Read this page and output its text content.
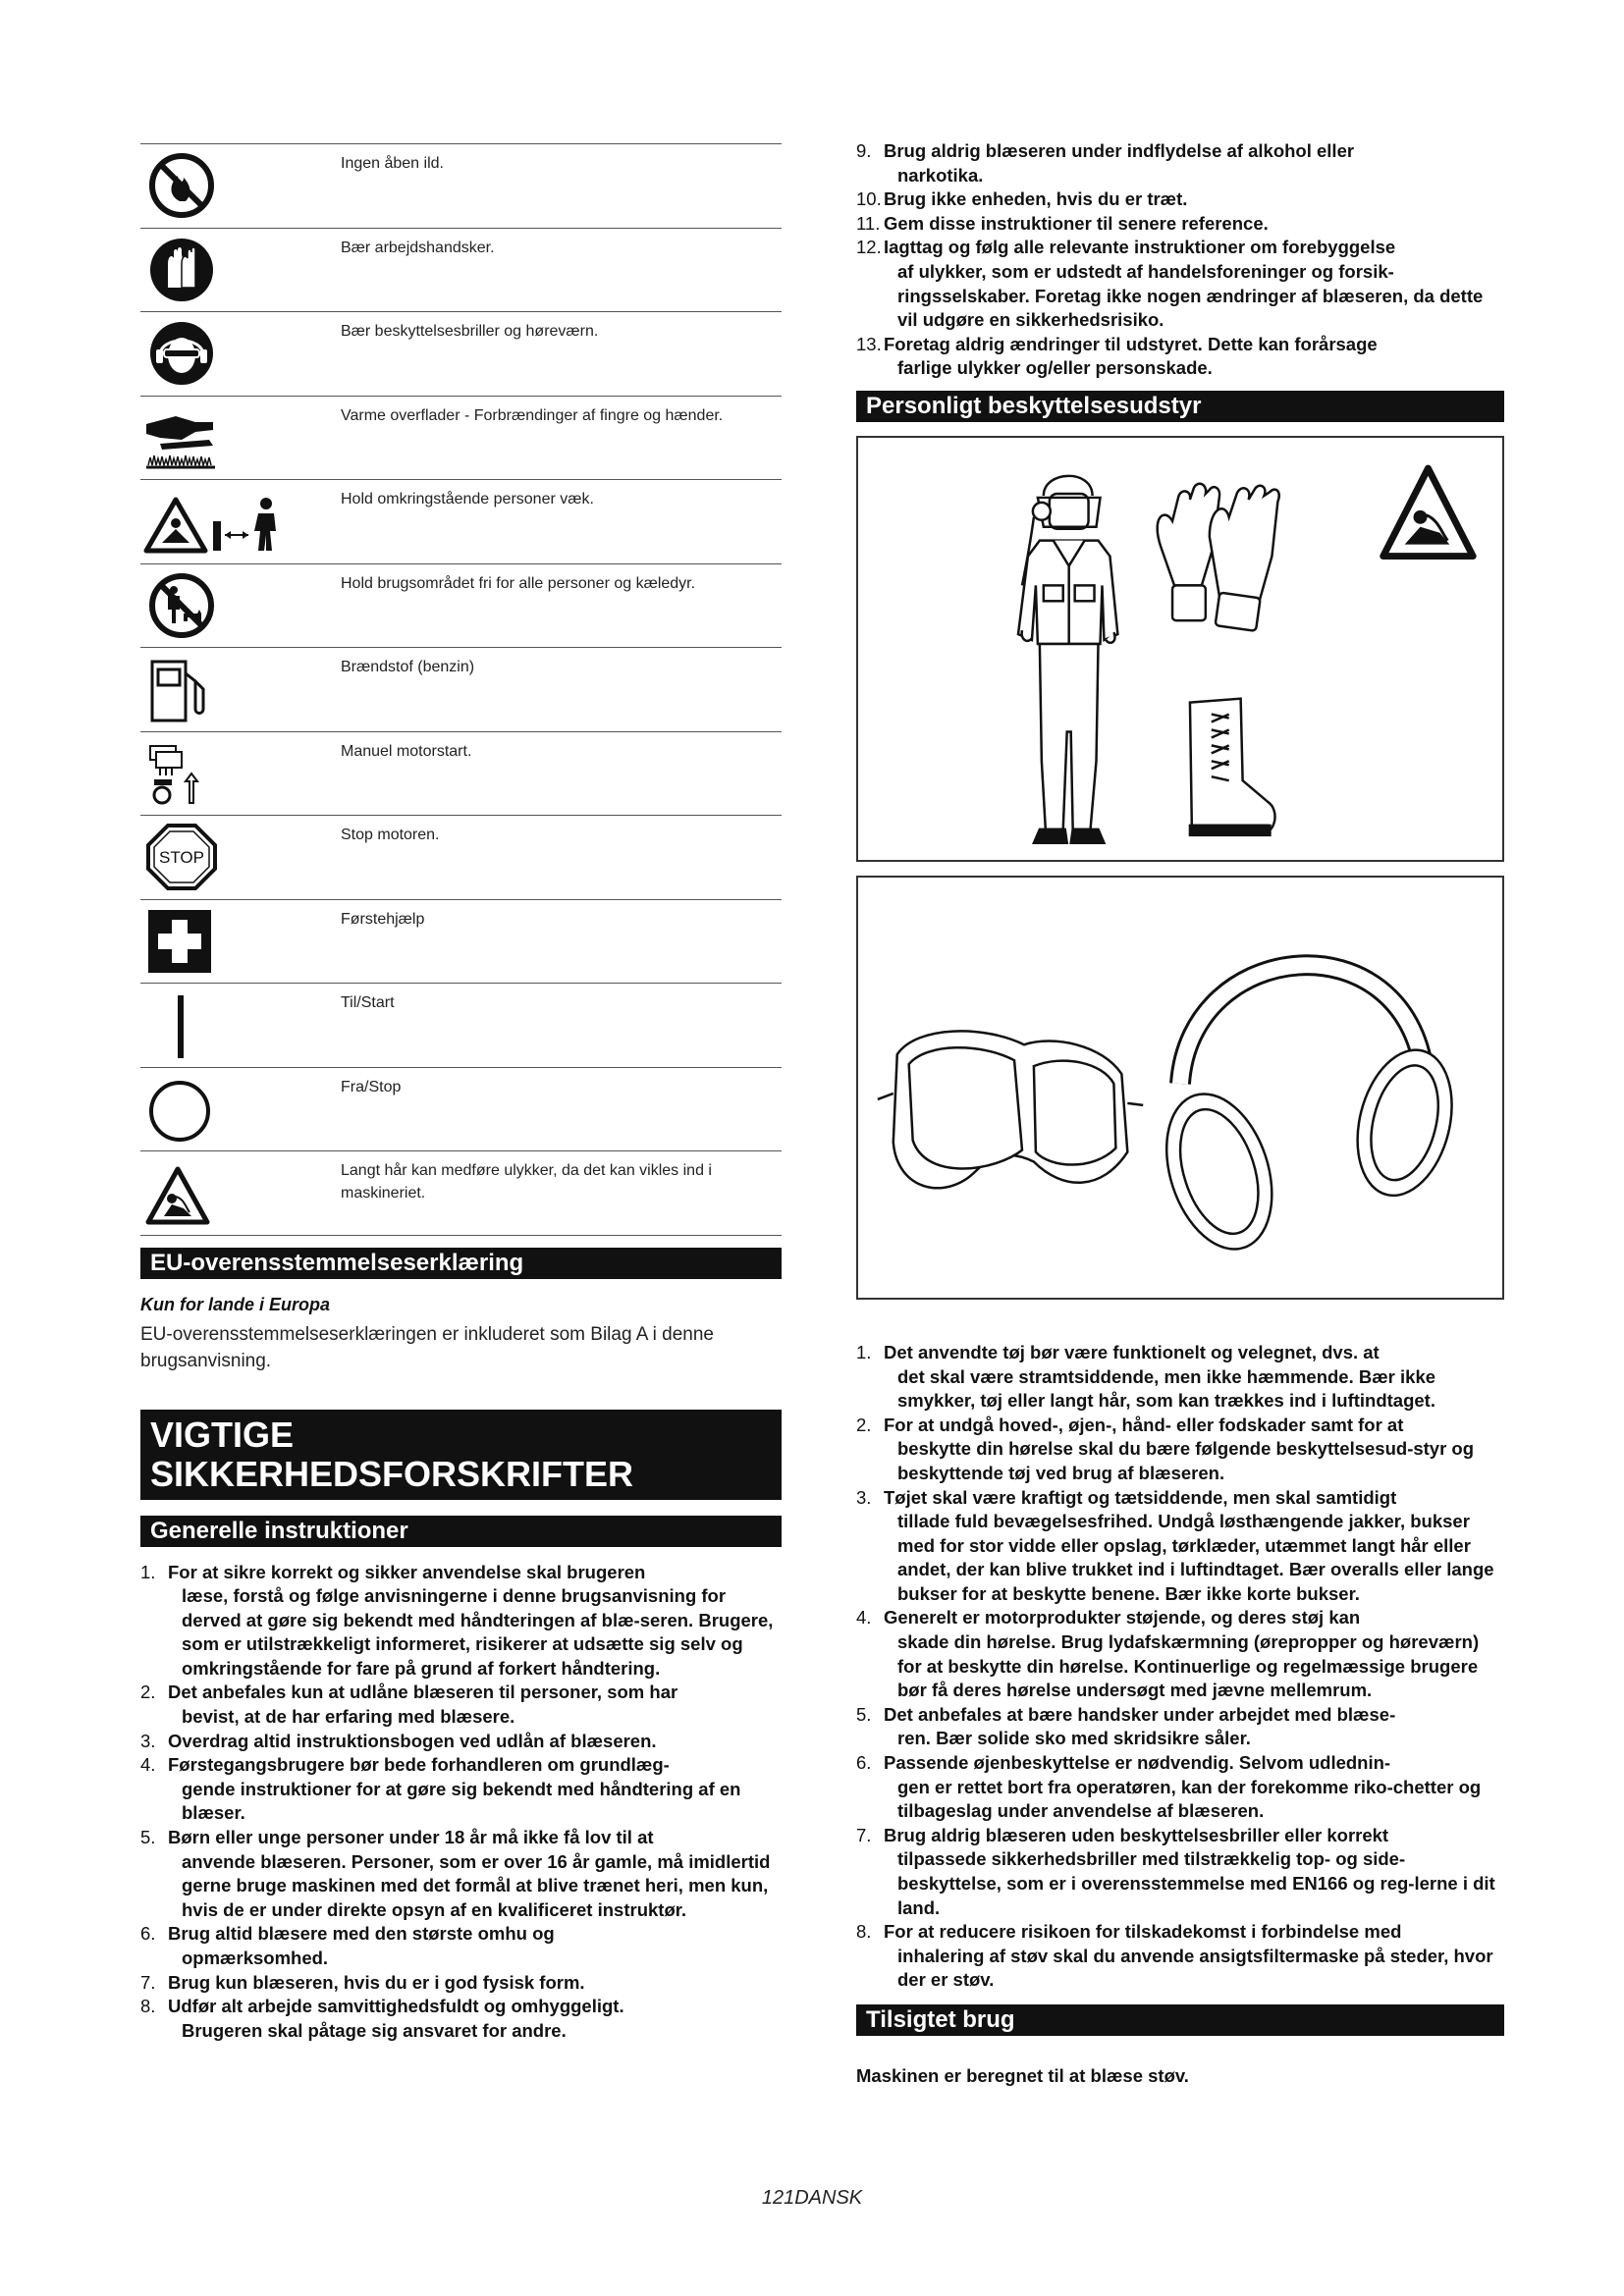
Ingen åben ild.
Bær arbejdshandsker.
Bær beskyttelsesbriller og høreværn.
Varme overflader - Forbrændinger af fingre og hænder.
Hold omkringstående personer væk.
Hold brugsområdet fri for alle personer og kæledyr.
Brændstof (benzin)
Manuel motorstart.
STOP
Stop motoren.
Førstehjælp
Til/Start
Fra/Stop
Langt hår kan medføre ulykker, da det kan vikles ind i maskineriet.
EU-overensstemmelseserklæring
Kun for lande i Europa
EU-overensstemmelseserklæringen er inkluderet som Bilag A i denne brugsanvisning.
VIGTIGE
SIKKERHEDSFORSKRIFTER
Generelle instruktioner
1. For at sikre korrekt og sikker anvendelse skal brugeren
læse, forstå og følge anvisningerne i denne brugsanvisning for derved at gøre sig bekendt med håndteringen af blæ-seren. Brugere, som er utilstrækkeligt informeret, risikerer at udsætte sig selv og omkringstående for fare på grund af forkert håndtering.
2. Det anbefales kun at udlåne blæseren til personer, som har
bevist, at de har erfaring med blæsere.
3. Overdrag altid instruktionsbogen ved udlån af blæseren.
4. Førstegangsbrugere bør bede forhandleren om grundlæg-
gende instruktioner for at gøre sig bekendt med håndtering af en blæser.
5. Børn eller unge personer under 18 år må ikke få lov til at
anvende blæseren. Personer, som er over 16 år gamle, må imidlertid gerne bruge maskinen med det formål at blive trænet heri, men kun, hvis de er under direkte opsyn af en kvalificeret instruktør.
6. Brug altid blæsere med den største omhu og
opmærksomhed.
7. Brug kun blæseren, hvis du er i god fysisk form.
8. Udfør alt arbejde samvittighedsfuldt og omhyggeligt.
Brugeren skal påtage sig ansvaret for andre.
9. Brug aldrig blæseren under indflydelse af alkohol eller
narkotika.
10. Brug ikke enheden, hvis du er træt.
11. Gem disse instruktioner til senere reference.
12. Iagttag og følg alle relevante instruktioner om forebyggelse
af ulykker, som er udstedt af handelsforeninger og forsik-ringsselskaber. Foretag ikke nogen ændringer af blæseren, da dette vil udgøre en sikkerhedsrisiko.
13. Foretag aldrig ændringer til udstyret. Dette kan forårsage
farlige ulykker og/eller personskade.
Personligt beskyttelsesudstyr
1. Det anvendte tøj bør være funktionelt og velegnet, dvs. at
det skal være stramtsiddende, men ikke hæmmende. Bær ikke smykker, tøj eller langt hår, som kan trækkes ind i luftindtaget.
2. For at undgå hoved-, øjen-, hånd- eller fodskader samt for at
beskytte din hørelse skal du bære følgende beskyttelsesud-styr og beskyttende tøj ved brug af blæseren.
3. Tøjet skal være kraftigt og tætsiddende, men skal samtidigt
tillade fuld bevægelsesfrihed. Undgå løsthængende jakker, bukser med for stor vidde eller opslag, tørklæder, utæmmet langt hår eller andet, der kan blive trukket ind i luftindtaget. Bær overalls eller lange bukser for at beskytte benene. Bær ikke korte bukser.
4. Generelt er motorprodukter støjende, og deres støj kan
skade din hørelse. Brug lydafskærmning (ørepropper og høreværn) for at beskytte din hørelse. Kontinuerlige og regelmæssige brugere bør få deres hørelse undersøgt med jævne mellemrum.
5. Det anbefales at bære handsker under arbejdet med blæse-
ren. Bær solide sko med skridsikre såler.
6. Passende øjenbeskyttelse er nødvendig. Selvom udlednin-
gen er rettet bort fra operatøren, kan der forekomme riko-chetter og tilbageslag under anvendelse af blæseren.
7. Brug aldrig blæseren uden beskyttelsesbriller eller korrekt
tilpassede sikkerhedsbriller med tilstrækkelig top- og side-beskyttelse, som er i overensstemmelse med EN166 og reg-lerne i dit land.
8. For at reducere risikoen for tilskadekomst i forbindelse med
inhalering af støv skal du anvende ansigtsfiltermaske på steder, hvor der er støv.
Tilsigtet brug
Maskinen er beregnet til at blæse støv.
121DANSK
